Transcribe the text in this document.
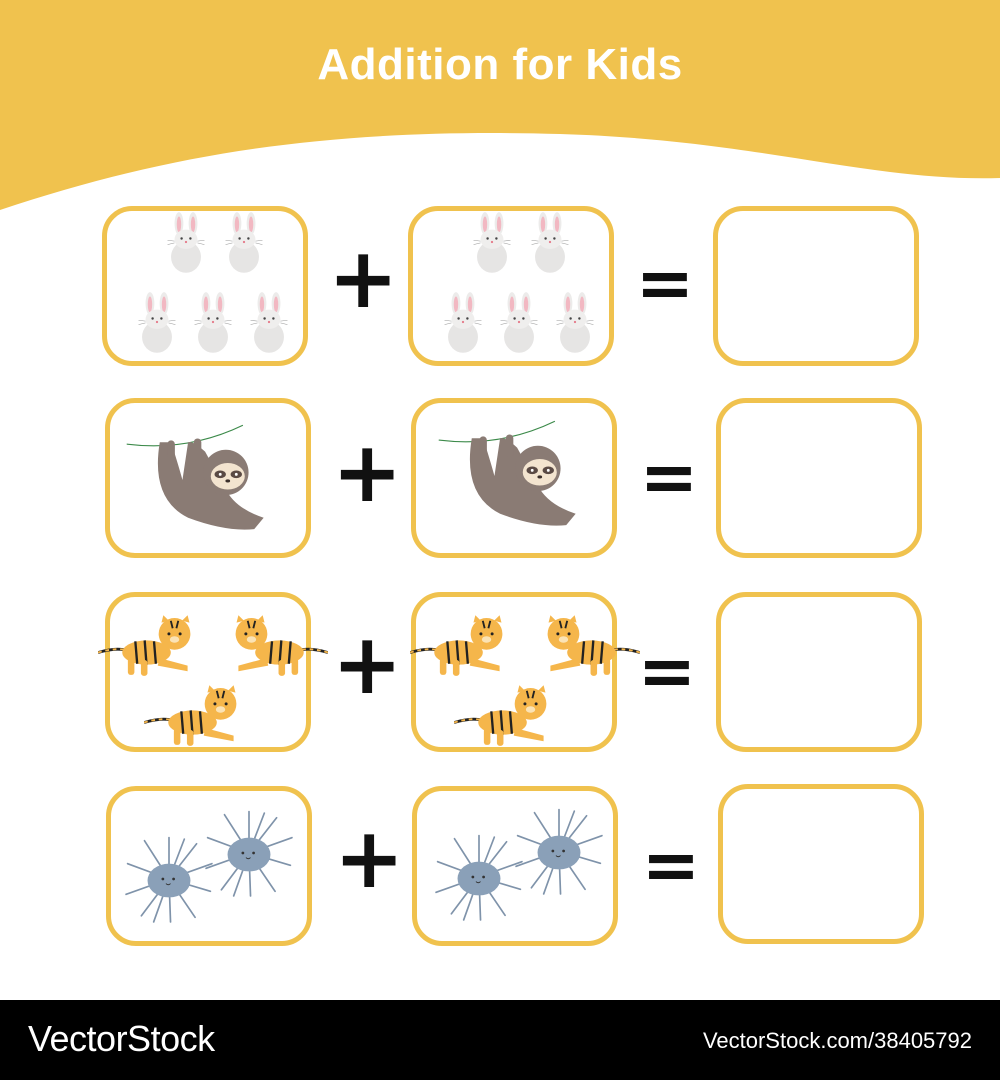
Addition for Kids
+	=
+	=
+	=
+	=
VectorStock	VectorStock.com/38405792
